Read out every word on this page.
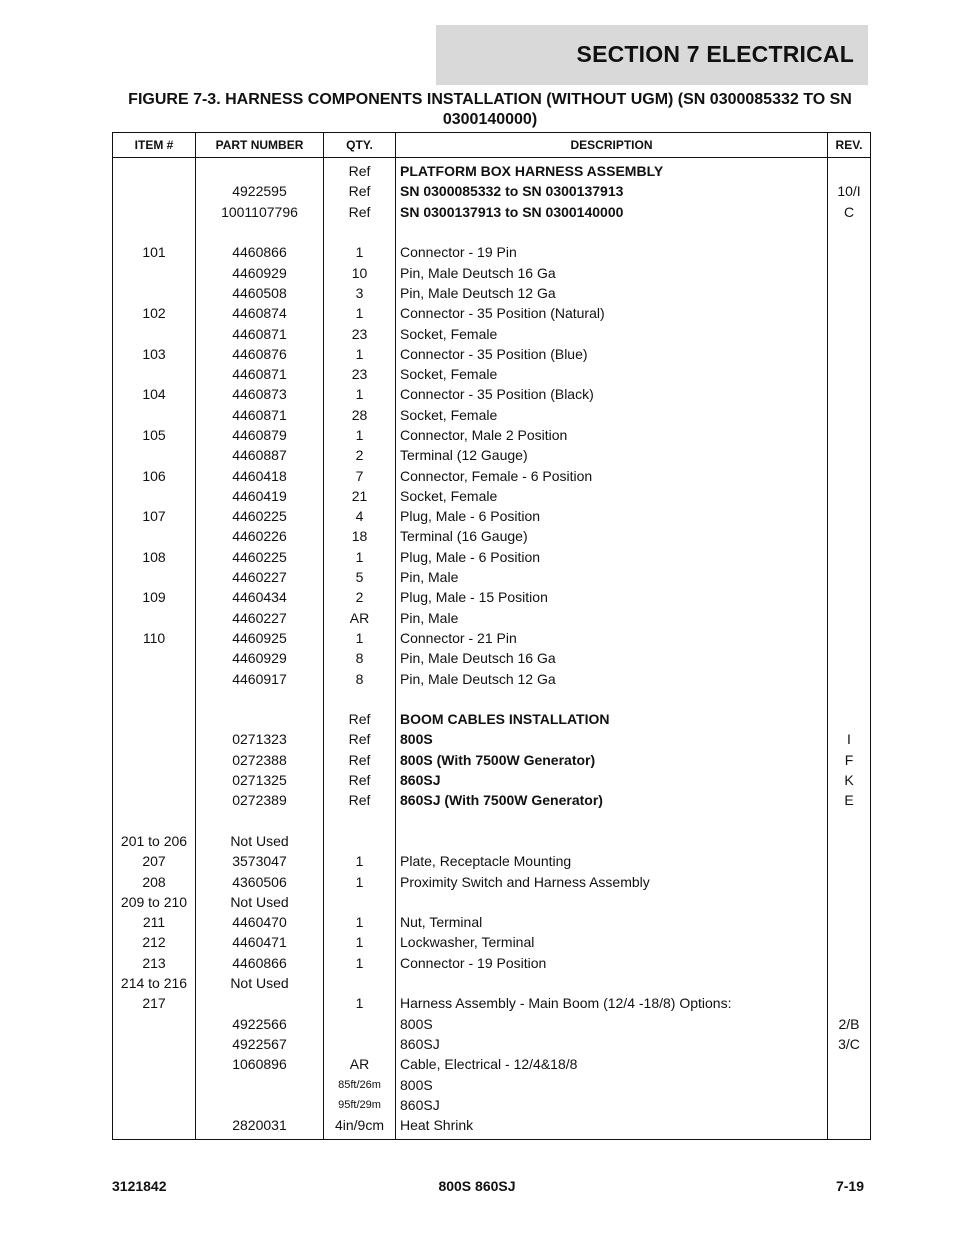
SECTION 7 ELECTRICAL
FIGURE 7-3. HARNESS COMPONENTS INSTALLATION (WITHOUT UGM) (SN 0300085332 TO SN 0300140000)
ITEM #	PART NUMBER	QTY.	DESCRIPTION	REV.
		Ref	PLATFORM BOX HARNESS ASSEMBLY	
	4922595	Ref	SN 0300085332 to SN 0300137913	10/I
	1001107796	Ref	SN 0300137913 to SN 0300140000	C

101	4460866	1	Connector - 19 Pin	
	4460929	10	Pin, Male Deutsch 16 Ga	
	4460508	3	Pin, Male Deutsch 12 Ga	
102	4460874	1	Connector - 35 Position (Natural)	
	4460871	23	Socket, Female	
103	4460876	1	Connector - 35 Position (Blue)	
	4460871	23	Socket, Female	
104	4460873	1	Connector - 35 Position (Black)	
	4460871	28	Socket, Female	
105	4460879	1	Connector, Male 2 Position	
	4460887	2	Terminal (12 Gauge)	
106	4460418	7	Connector, Female - 6 Position	
	4460419	21	Socket, Female	
107	4460225	4	Plug, Male - 6 Position	
	4460226	18	Terminal (16 Gauge)	
108	4460225	1	Plug, Male - 6 Position	
	4460227	5	Pin, Male	
109	4460434	2	Plug, Male - 15 Position	
	4460227	AR	Pin, Male	
110	4460925	1	Connector - 21 Pin	
	4460929	8	Pin, Male Deutsch 16 Ga	
	4460917	8	Pin, Male Deutsch 12 Ga	

		Ref	BOOM CABLES INSTALLATION	
	0271323	Ref	800S	I
	0272388	Ref	800S (With 7500W Generator)	F
	0271325	Ref	860SJ	K
	0272389	Ref	860SJ (With 7500W Generator)	E

201 to 206	Not Used			
207	3573047	1	Plate, Receptacle Mounting	
208	4360506	1	Proximity Switch and Harness Assembly	
209 to 210	Not Used			
211	4460470	1	Nut, Terminal	
212	4460471	1	Lockwasher, Terminal	
213	4460866	1	Connector - 19 Position	
214 to 216	Not Used			
217		1	Harness Assembly - Main Boom (12/4 -18/8) Options:	
	4922566		800S	2/B
	4922567		860SJ	3/C
	1060896	AR	Cable, Electrical - 12/4&18/8	
		85ft/26m	800S	
		95ft/29m	860SJ	
	2820031	4in/9cm	Heat Shrink	
3121842	800S 860SJ	7-19
